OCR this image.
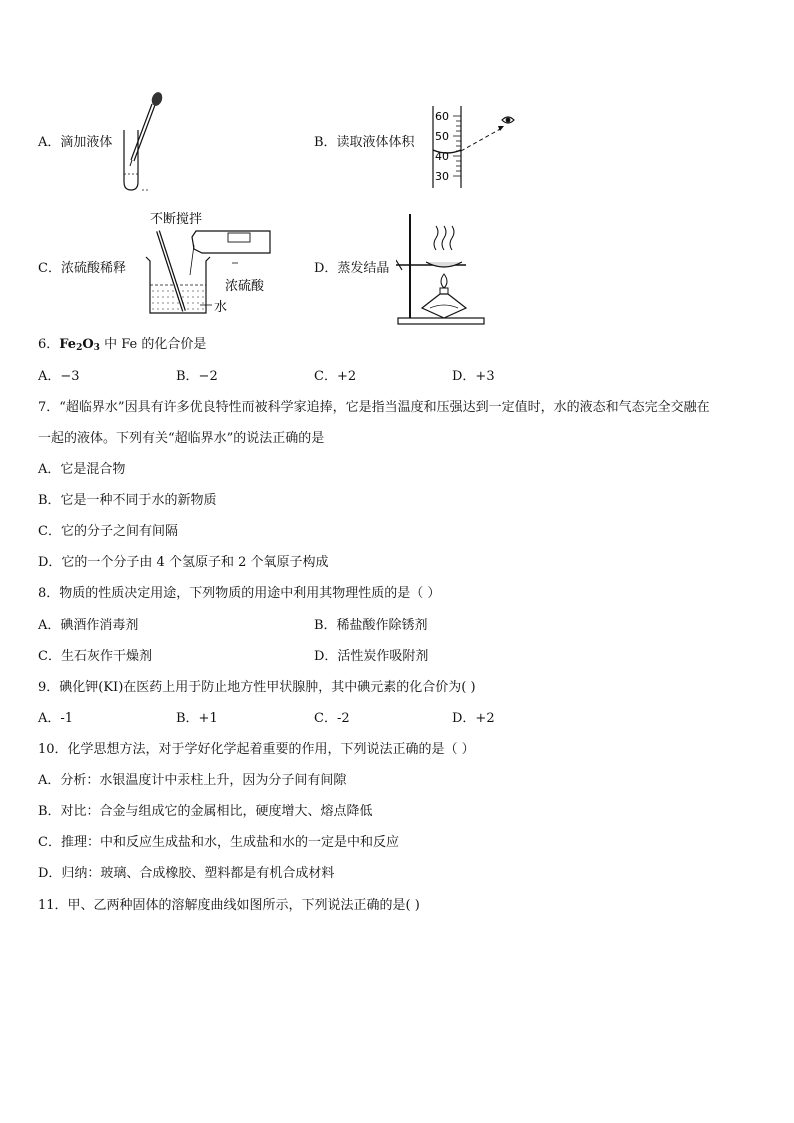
A．滴加液体	B．读取液体体积
60
50
40
30
C．浓硫酸稀释
不断搅拌
浓硫酸
水
D．蒸发结晶
6．$Fe_2O_3$ 中 Fe 的化合价是
A．−3	B．−2	C．+2	D．+3
7．“超临界水”因具有许多优良特性而被科学家追捧，它是指当温度和压强达到一定值时，水的液态和气态完全交融在
一起的液体。下列有关“超临界水”的说法正确的是
A．它是混合物
B．它是一种不同于水的新物质
C．它的分子之间有间隔
D．它的一个分子由 4 个氢原子和 2 个氧原子构成
8．物质的性质决定用途，下列物质的用途中利用其物理性质的是（ ）
A．碘酒作消毒剂	B．稀盐酸作除锈剂
C．生石灰作干燥剂	D．活性炭作吸附剂
9．碘化钾(KI)在医药上用于防止地方性甲状腺肿，其中碘元素的化合价为( )
A．-1	B．+1	C．-2	D．+2
10．化学思想方法，对于学好化学起着重要的作用，下列说法正确的是（ ）
A．分析：水银温度计中汞柱上升，因为分子间有间隙
B．对比：合金与组成它的金属相比，硬度增大、熔点降低
C．推理：中和反应生成盐和水，生成盐和水的一定是中和反应
D．归纳：玻璃、合成橡胶、塑料都是有机合成材料
11．甲、乙两种固体的溶解度曲线如图所示，下列说法正确的是( )
